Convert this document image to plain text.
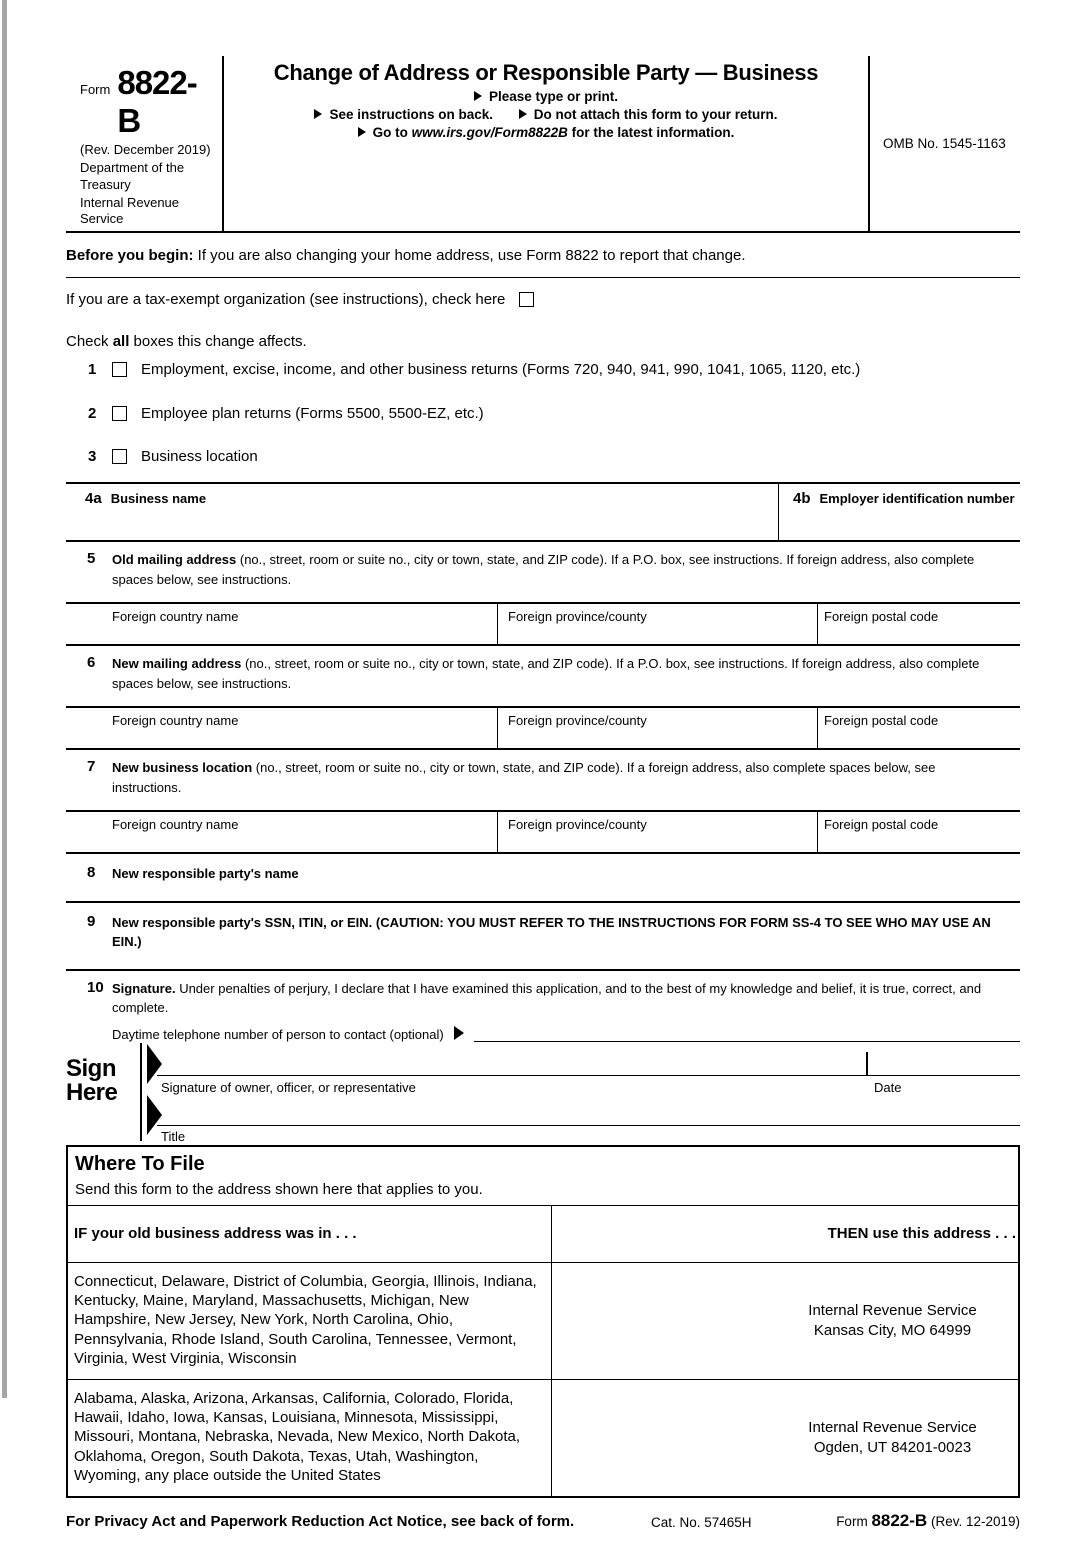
Form 8822-B
(Rev. December 2019)
Department of the Treasury
Internal Revenue Service
Change of Address or Responsible Party — Business
Please type or print.
See instructions on back.	Do not attach this form to your return.
Go to www.irs.gov/Form8822B for the latest information.
OMB No. 1545-1163
Before you begin: If you are also changing your home address, use Form 8822 to report that change.
If you are a tax-exempt organization (see instructions), check here
Check all boxes this change affects.
1	Employment, excise, income, and other business returns (Forms 720, 940, 941, 990, 1041, 1065, 1120, etc.)
2	Employee plan returns (Forms 5500, 5500-EZ, etc.)
3	Business location
4a Business name	4b Employer identification number
5	Old mailing address (no., street, room or suite no., city or town, state, and ZIP code). If a P.O. box, see instructions. If foreign address, also complete spaces below, see instructions.
Foreign country name	Foreign province/county	Foreign postal code
6	New mailing address (no., street, room or suite no., city or town, state, and ZIP code). If a P.O. box, see instructions. If foreign address, also complete spaces below, see instructions.
Foreign country name	Foreign province/county	Foreign postal code
7	New business location (no., street, room or suite no., city or town, state, and ZIP code). If a foreign address, also complete spaces below, see instructions.
Foreign country name	Foreign province/county	Foreign postal code
8	New responsible party's name
9	New responsible party's SSN, ITIN, or EIN. (CAUTION: YOU MUST REFER TO THE INSTRUCTIONS FOR FORM SS-4 TO SEE WHO MAY USE AN EIN.)
10 Signature. Under penalties of perjury, I declare that I have examined this application, and to the best of my knowledge and belief, it is true, correct, and complete.
Daytime telephone number of person to contact (optional)
Sign
Here	Signature of owner, officer, or representative	Date
Title
Where To File
Send this form to the address shown here that applies to you.
IF your old business address was in . . .	THEN use this address . . .
Connecticut, Delaware, District of Columbia, Georgia, Illinois, Indiana, Kentucky, Maine, Maryland, Massachusetts, Michigan, New Hampshire, New Jersey, New York, North Carolina, Ohio, Pennsylvania, Rhode Island, South Carolina, Tennessee, Vermont, Virginia, West Virginia, Wisconsin
Internal Revenue Service
Kansas City, MO 64999
Alabama, Alaska, Arizona, Arkansas, California, Colorado, Florida, Hawaii, Idaho, Iowa, Kansas, Louisiana, Minnesota, Mississippi, Missouri, Montana, Nebraska, Nevada, New Mexico, North Dakota, Oklahoma, Oregon, South Dakota, Texas, Utah, Washington, Wyoming, any place outside the United States
Internal Revenue Service
Ogden, UT 84201-0023
For Privacy Act and Paperwork Reduction Act Notice, see back of form.	Cat. No. 57465H	Form 8822-B (Rev. 12-2019)
